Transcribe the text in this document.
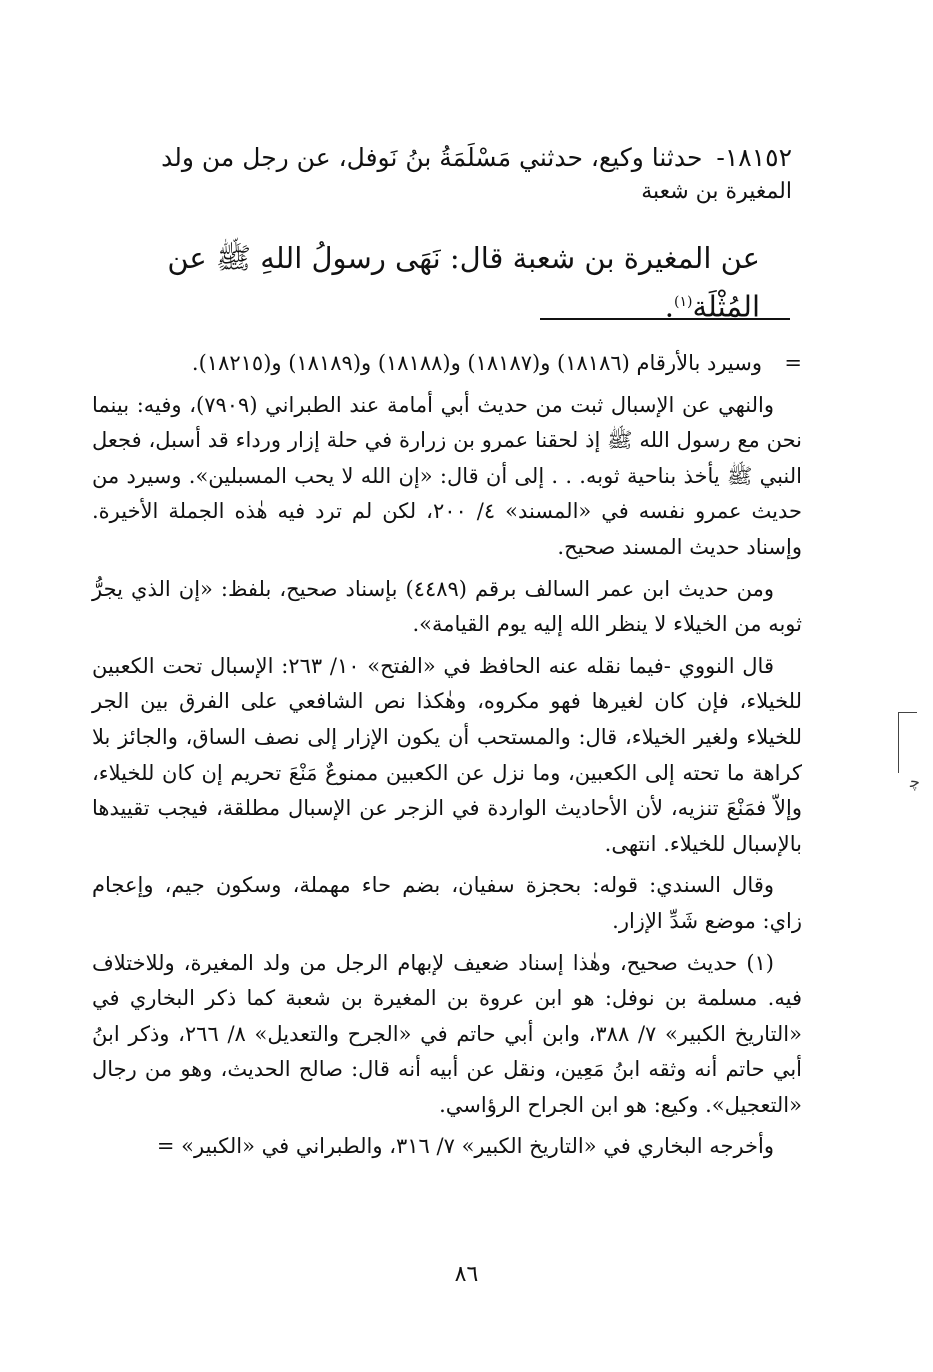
١٨١٥٢- حدثنا وكيع، حدثني مَسْلَمَةُ بنُ نَوفل، عن رجل من ولد
المغيرة بن شعبة
عن المغيرة بن شعبة قال: نَهَى رسولُ اللهِ ﷺ عن المُثْلَة$^{(١)}$.

=
وسيرد بالأرقام (١٨١٨٦) و(١٨١٨٧) و(١٨١٨٨) و(١٨١٨٩) و(١٨٢١٥).

والنهي عن الإسبال ثبت من حديث أبي أمامة عند الطبراني (٧٩٠٩)، وفيه: بينما نحن مع رسول الله ﷺ إذ لحقنا عمرو بن زرارة في حلة إزار ورداء قد أسبل، فجعل النبي ﷺ يأخذ بناحية ثوبه. . . إلى أن قال: «إن الله لا يحب المسبلين». وسيرد من حديث عمرو نفسه في «المسند» ٤/ ٢٠٠، لكن لم ترد فيه هٰذه الجملة الأخيرة. وإسناد حديث المسند صحيح.

ومن حديث ابن عمر السالف برقم (٤٤٨٩) بإسناد صحيح، بلفظ: «إن الذي يجرُّ ثوبه من الخيلاء لا ينظر الله إليه يوم القيامة».

قال النووي -فيما نقله عنه الحافظ في «الفتح» ١٠/ ٢٦٣: الإسبال تحت الكعبين للخيلاء، فإن كان لغيرها فهو مكروه، وهٰكذا نص الشافعي على الفرق بين الجر للخيلاء ولغير الخيلاء، قال: والمستحب أن يكون الإزار إلى نصف الساق، والجائز بلا كراهة ما تحته إلى الكعبين، وما نزل عن الكعبين ممنوعٌ مَنْعَ تحريم إن كان للخيلاء، وإلاّ فمَنْعَ تنزيه، لأن الأحاديث الواردة في الزجر عن الإسبال مطلقة، فيجب تقييدها بالإسبال للخيلاء. انتهى.

وقال السندي: قوله: بحجزة سفيان، بضم حاء مهملة، وسكون جيم، وإعجام زاي: موضع شَدِّ الإزار.

(١) حديث صحيح، وهٰذا إسناد ضعيف لإبهام الرجل من ولد المغيرة، وللاختلاف فيه. مسلمة بن نوفل: هو ابن عروة بن المغيرة بن شعبة كما ذكر البخاري في «التاريخ الكبير» ٧/ ٣٨٨، وابن أبي حاتم في «الجرح والتعديل» ٨/ ٢٦٦، وذكر ابنُ أبي حاتم أنه وثقه ابنُ مَعِين، ونقل عن أبيه أنه قال: صالح الحديث، وهو من رجال «التعجيل». وكيع: هو ابن الجراح الرؤاسي.

وأخرجه البخاري في «التاريخ الكبير» ٧/ ٣١٦، والطبراني في «الكبير» =

٨٦
ﭼ
